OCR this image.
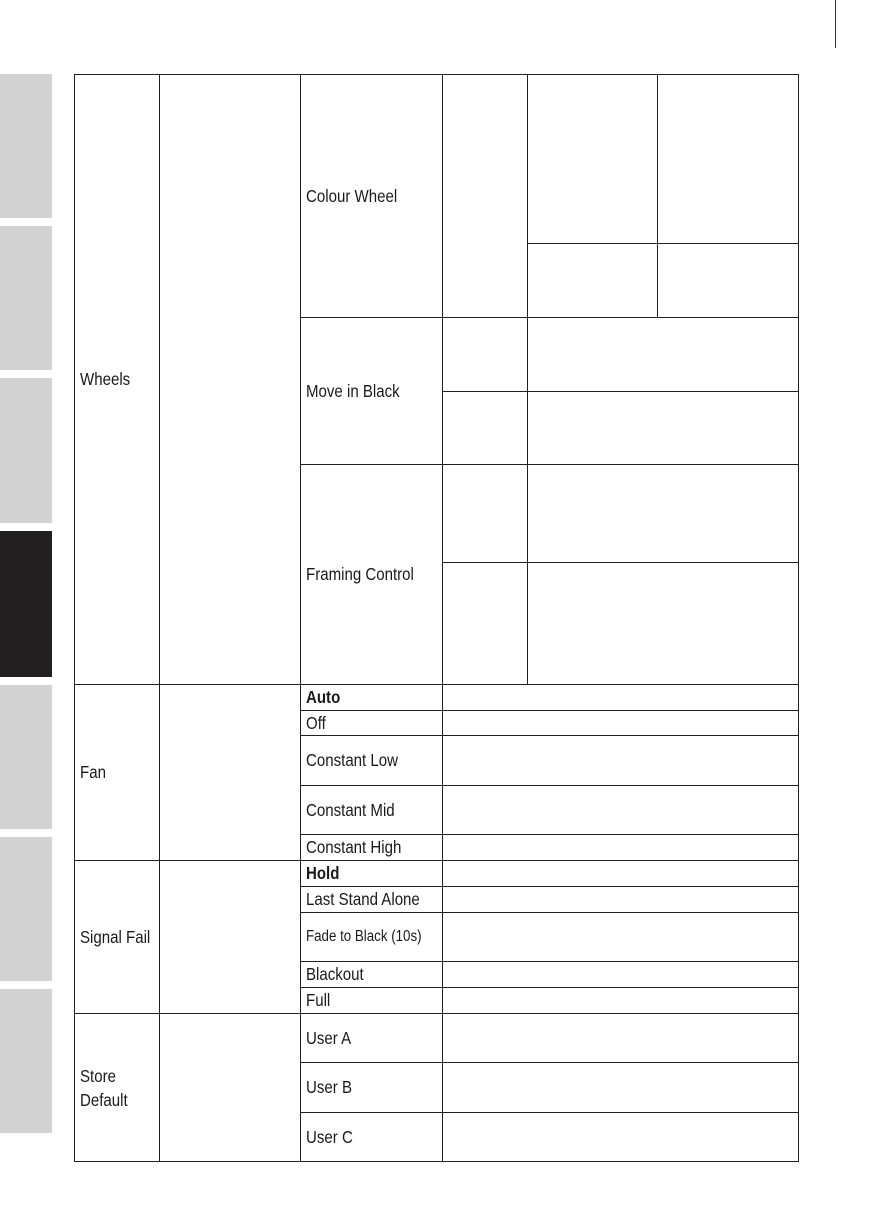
Wheels
Colour Wheel
Move in Black
Framing Control
Fan
Auto
Off
Constant Low
Constant Mid
Constant High
Signal Fail
Hold
Last Stand Alone
Fade to Black (10s)
Blackout
Full
Store
Default
User A
User B
User C
